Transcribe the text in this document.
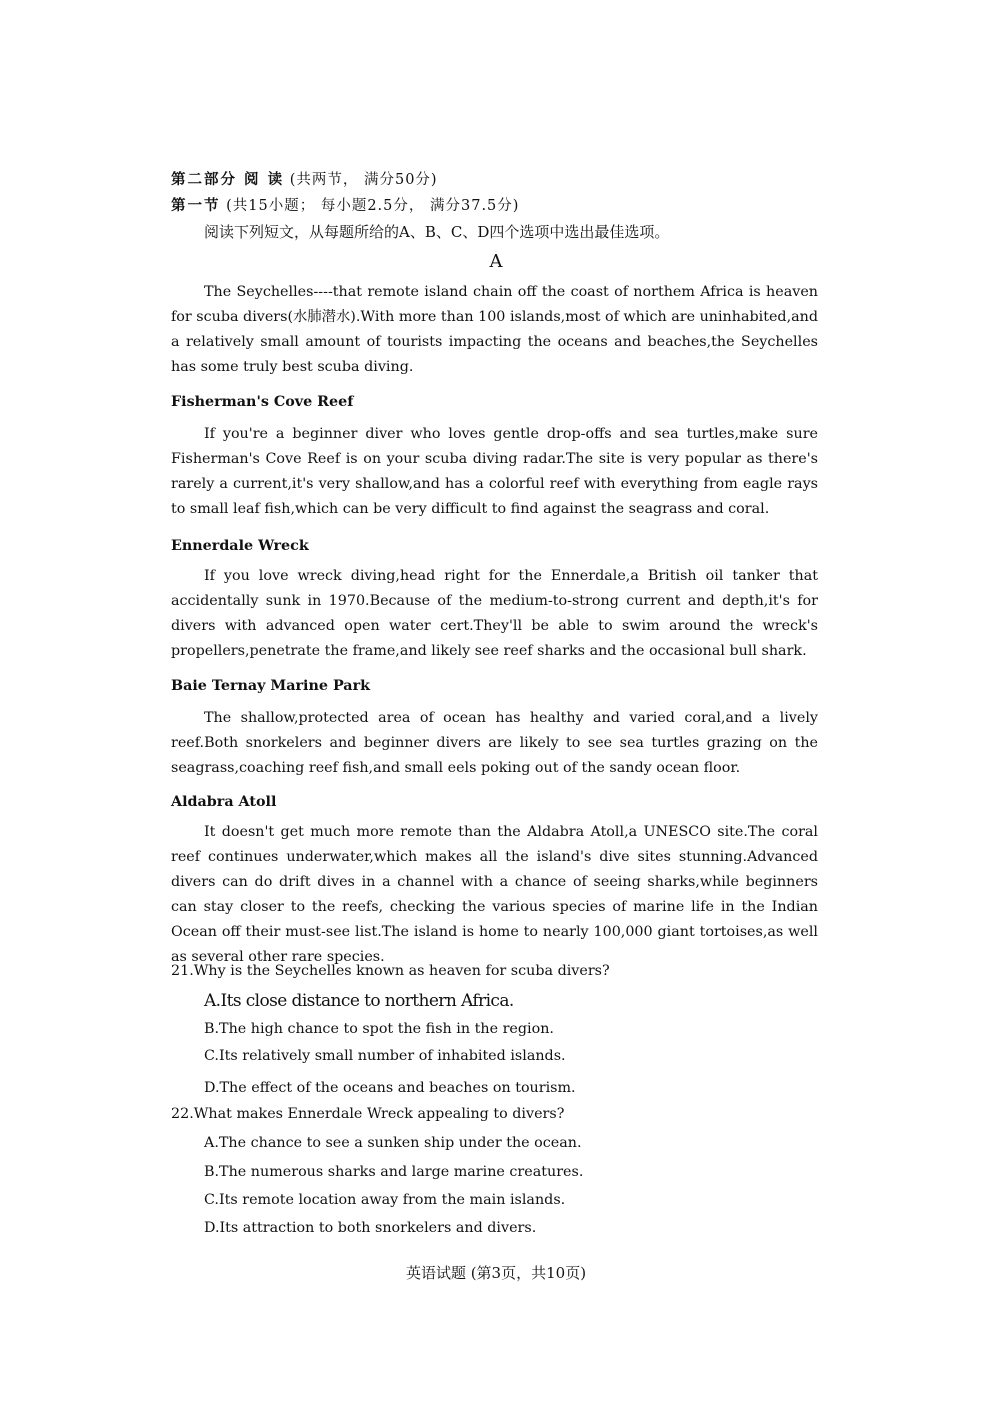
第二部分 阅 读 (共两节， 满分50分)
第一节 (共15小题； 每小题2.5分， 满分37.5分)
阅读下列短文，从每题所给的A、B、C、D四个选项中选出最佳选项。
A

The Seychelles----that remote island chain off the coast of northem Africa is heaven for scuba divers(水肺潜水).With more than 100 islands,most of which are uninhabited,and a relatively small amount of tourists impacting the oceans and beaches,the Seychelles has some truly best scuba diving.

Fisherman's Cove Reef

If you're a beginner diver who loves gentle drop-offs and sea turtles,make sure Fisherman's Cove Reef is on your scuba diving radar.The site is very popular as there's rarely a current,it's very shallow,and has a colorful reef with everything from eagle rays to small leaf fish,which can be very difficult to find against the seagrass and coral.

Ennerdale Wreck

If you love wreck diving,head right for the Ennerdale,a British oil tanker that accidentally sunk in 1970.Because of the medium-to-strong current and depth,it's for divers with advanced open water cert.They'll be able to swim around the wreck's propellers,penetrate the frame,and likely see reef sharks and the occasional bull shark.

Baie Ternay Marine Park

The shallow,protected area of ocean has healthy and varied coral,and a lively reef.Both snorkelers and beginner divers are likely to see sea turtles grazing on the seagrass,coaching reef fish,and small eels poking out of the sandy ocean floor.

Aldabra Atoll

It doesn't get much more remote than the Aldabra Atoll,a UNESCO site.The coral reef continues underwater,which makes all the island's dive sites stunning.Advanced divers can do drift dives in a channel with a chance of seeing sharks,while beginners can stay closer to the reefs, checking the various species of marine life in the Indian Ocean off their must-see list.The island is home to nearly 100,000 giant tortoises,as well as several other rare species.

21.Why is the Seychelles known as heaven for scuba divers?
A.Its close distance to northern Africa.
B.The high chance to spot the fish in the region.
C.Its relatively small number of inhabited islands.
D.The effect of the oceans and beaches on tourism.
22.What makes Ennerdale Wreck appealing to divers?
A.The chance to see a sunken ship under the ocean.
B.The numerous sharks and large marine creatures.
C.Its remote location away from the main islands.
D.Its attraction to both snorkelers and divers.
英语试题 (第3页，共10页)
